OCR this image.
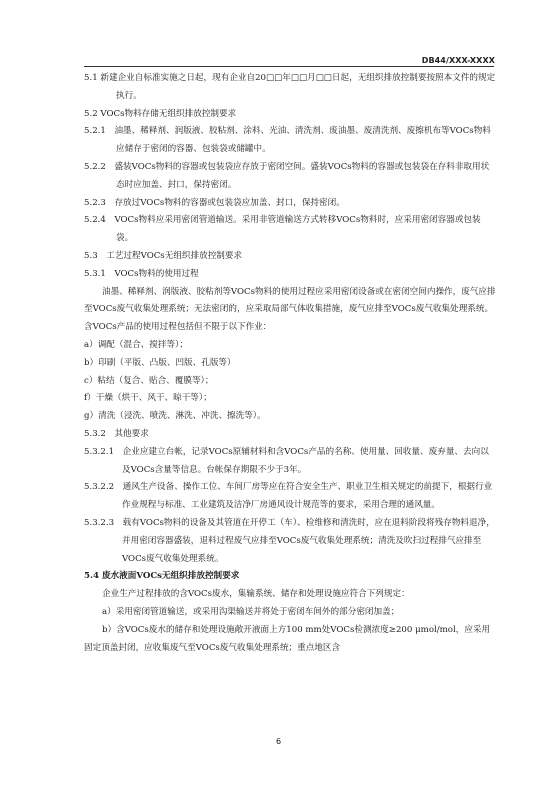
DB44/XXX-XXXX

5.1 新建企业自标准实施之日起，现有企业自20□□年□□月□□日起，无组织排放控制要按照本文件的规定执行。

5.2 VOCs物料存储无组织排放控制要求

5.2.1　油墨、稀释剂、润版液、胶粘剂、涂料、光油、清洗剂、废油墨、废清洗剂、废擦机布等VOCs物料应储存于密闭的容器、包装袋或储罐中。

5.2.2　盛装VOCs物料的容器或包装袋应存放于密闭空间。盛装VOCs物料的容器或包装袋在存料非取用状态时应加盖、封口，保持密闭。

5.2.3　存放过VOCs物料的容器或包装袋应加盖、封口，保持密闭。

5.2.4　VOCs物料应采用密闭管道输送。采用非管道输送方式转移VOCs物料时，应采用密闭容器或包装袋。

5.3　工艺过程VOCs无组织排放控制要求

5.3.1　VOCs物料的使用过程

油墨、稀释剂、润版液、胶粘剂等VOCs物料的使用过程应采用密闭设备或在密闭空间内操作，废气应排至VOCs废气收集处理系统；无法密闭的，应采取局部气体收集措施，废气应排至VOCs废气收集处理系统。含VOCs产品的使用过程包括但不限于以下作业：

a）调配（混合、搅拌等）；

b）印刷（平版、凸版、凹版、孔版等）

c）粘结（复合、贴合、覆膜等）；

f）干燥（烘干、风干、晾干等）；

g）清洗（浸洗、喷洗、淋洗、冲洗、擦洗等）。

5.3.2　其他要求

5.3.2.1　企业应建立台帐，记录VOCs原辅材料和含VOCs产品的名称、使用量、回收量、废弃量、去向以及VOCs含量等信息。台帐保存期限不少于3年。

5.3.2.2　通风生产设备、操作工位、车间厂房等应在符合安全生产、职业卫生相关规定的前提下，根据行业作业规程与标准、工业建筑及洁净厂房通风设计规范等的要求，采用合理的通风量。

5.3.2.3　载有VOCs物料的设备及其管道在开停工（车）、检维修和清洗时，应在退料阶段将残存物料退净，并用密闭容器盛装，退料过程废气应排至VOCs废气收集处理系统；清洗及吹扫过程排气应排至VOCs废气收集处理系统。

5.4 废水液面VOCs无组织排放控制要求

企业生产过程排放的含VOCs废水，集输系统、储存和处理设施应符合下列规定：

a）采用密闭管道输送，或采用沟渠输送并将处于密闭车间外的部分密闭加盖；

b）含VOCs废水的储存和处理设施敞开液面上方100 mm处VOCs检测浓度≥200 μmol/mol，应采用固定顶盖封闭，应收集废气至VOCs废气收集处理系统；重点地区含

6
